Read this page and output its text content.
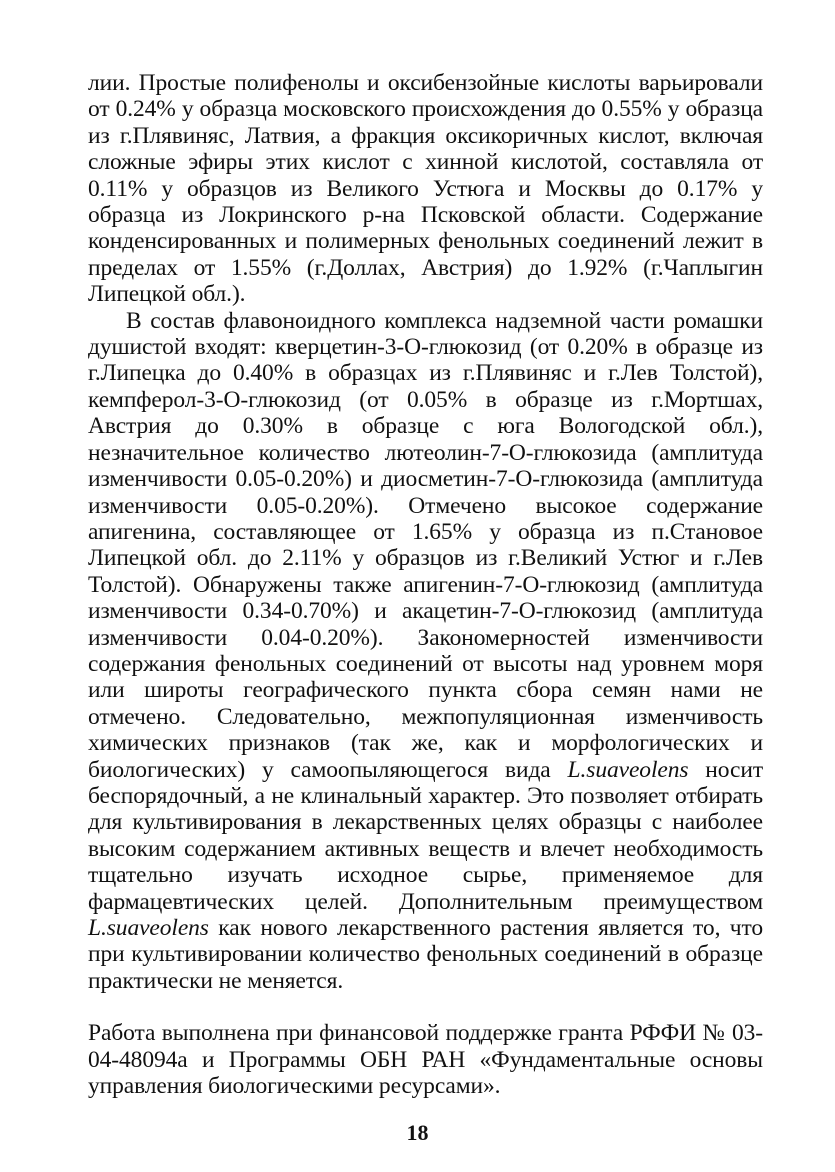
лии. Простые полифенолы и оксибензойные кислоты варьировали от 0.24% у образца московского происхождения до 0.55% у образца из г.Плявиняс, Латвия, а фракция оксикоричных кислот, включая сложные эфиры этих кислот с хинной кислотой, составляла от 0.11% у образцов из Великого Устюга и Москвы до 0.17% у образца из Локринского р-на Псковской области. Содержание конденсированных и полимерных фенольных соединений лежит в пределах от 1.55% (г.Доллах, Австрия) до 1.92% (г.Чаплыгин Липецкой обл.).

В состав флавоноидного комплекса надземной части ромашки душистой входят: кверцетин-3-О-глюкозид (от 0.20% в образце из г.Липецка до 0.40% в образцах из г.Плявиняс и г.Лев Толстой), кемпферол-3-О-глюкозид (от 0.05% в образце из г.Мортшах, Австрия до 0.30% в образце с юга Вологодской обл.), незначительное количество лютеолин-7-О-глюкозида (амплитуда изменчивости 0.05-0.20%) и диосметин-7-О-глюкозида (амплитуда изменчивости 0.05-0.20%). Отмечено высокое содержание апигенина, составляющее от 1.65% у образца из п.Становое Липецкой обл. до 2.11% у образцов из г.Великий Устюг и г.Лев Толстой). Обнаружены также апигенин-7-О-глюкозид (амплитуда изменчивости 0.34-0.70%) и акацетин-7-О-глюкозид (амплитуда изменчивости 0.04-0.20%). Закономерностей изменчивости содержания фенольных соединений от высоты над уровнем моря или широты географического пункта сбора семян нами не отмечено. Следовательно, межпопуляционная изменчивость химических признаков (так же, как и морфологических и биологических) у самоопыляющегося вида L.suaveolens носит беспорядочный, а не клинальный характер. Это позволяет отбирать для культивирования в лекарственных целях образцы с наиболее высоким содержанием активных веществ и влечет необходимость тщательно изучать исходное сырье, применяемое для фармацевтических целей. Дополнительным преимуществом L.suaveolens как нового лекарственного растения является то, что при культивировании количество фенольных соединений в образце практически не меняется.

Работа выполнена при финансовой поддержке гранта РФФИ № 03-04-48094а и Программы ОБН РАН «Фундаментальные основы управления биологическими ресурсами».

18
